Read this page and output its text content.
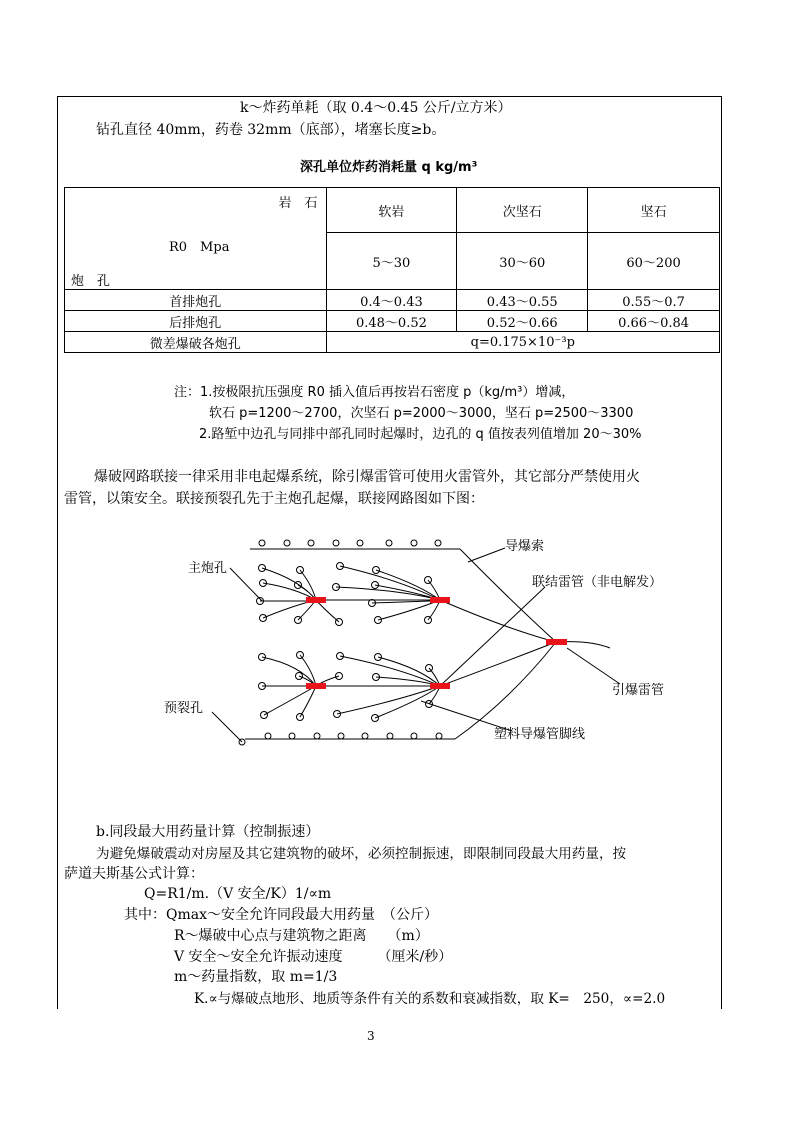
k～炸药单耗（取 0.4～0.45 公斤/立方米）
钻孔直径 40mm，药卷 32mm（底部），堵塞长度≥b。
深孔单位炸药消耗量 q kg/m³
岩　石
R0　Mpa
炮　孔	软岩	次坚石	坚石
	5～30	30～60	60～200
首排炮孔	0.4～0.43	0.43～0.55	0.55～0.7
后排炮孔	0.48～0.52	0.52～0.66	0.66～0.84
微差爆破各炮孔	q=0.175×10⁻³p		
注：1.按极限抗压强度 R0 插入值后再按岩石密度 p（kg/m³）增减，
软石 p=1200～2700，次坚石 p=2000～3000，坚石 p=2500～3300
2.路堑中边孔与同排中部孔同时起爆时，边孔的 q 值按表列值增加 20～30%
爆破网路联接一律采用非电起爆系统，除引爆雷管可使用火雷管外，其它部分严禁使用火
雷管，以策安全。联接预裂孔先于主炮孔起爆，联接网路图如下图：
导爆索
联结雷管（非电解发）
主炮孔
引爆雷管
预裂孔
塑料导爆管脚线
b.同段最大用药量计算（控制振速）
为避免爆破震动对房屋及其它建筑物的破坏，必须控制振速，即限制同段最大用药量，按
萨道夫斯基公式计算：
Q=R1/m.（V 安全/K）1/∝m
其中：Qmax～安全允许同段最大用药量　（公斤）
R～爆破中心点与建筑物之距离　　（m）
V 安全～安全允许振动速度　　　（厘米/秒）
m～药量指数，取 m=1/3
K.∝与爆破点地形、地质等条件有关的系数和衰减指数，取 K=　250，∝=2.0
3
